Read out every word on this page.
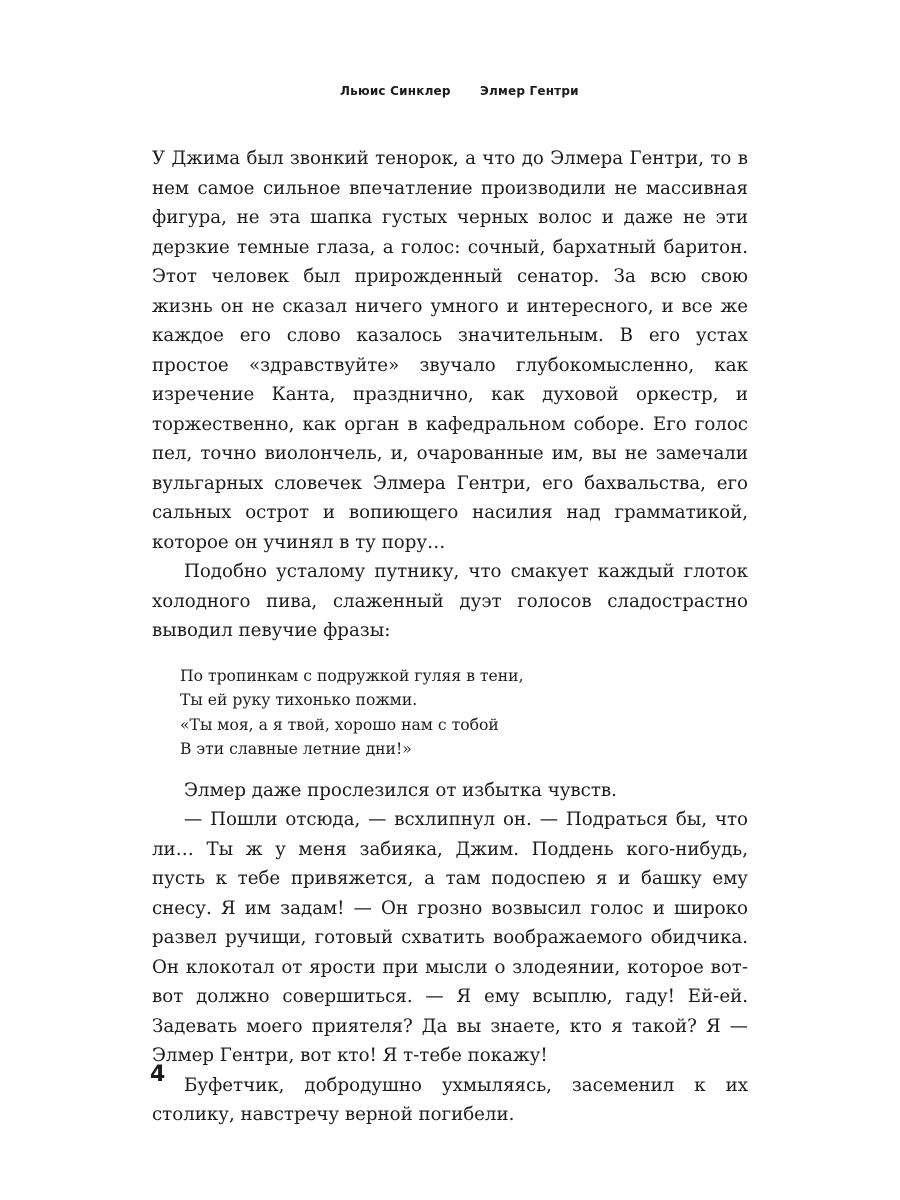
Льюис Синклер Элмер Гентри

У Джима был звонкий тенорок, а что до Элмера Гентри, то в нем самое сильное впечатление производили не массивная фигура, не эта шапка густых черных волос и даже не эти дерзкие темные глаза, а голос: сочный, бархатный баритон. Этот человек был прирожденный сенатор. За всю свою жизнь он не сказал ничего умного и интересного, и все же каждое его слово казалось значительным. В его устах простое «здравствуйте» звучало глубокомысленно, как изречение Канта, празднично, как духовой оркестр, и торжественно, как орган в кафедральном соборе. Его голос пел, точно виолончель, и, очарованные им, вы не замечали вульгарных словечек Элмера Гентри, его бахвальства, его сальных острот и вопиющего насилия над грамматикой, которое он учинял в ту пору…

Подобно усталому путнику, что смакует каждый глоток холодного пива, слаженный дуэт голосов сладострастно выводил певучие фразы:

По тропинкам с подружкой гуляя в тени,
Ты ей руку тихонько пожми.
«Ты моя, а я твой, хорошо нам с тобой
В эти славные летние дни!»

Элмер даже прослезился от избытка чувств.

— Пошли отсюда, — всхлипнул он. — Подраться бы, что ли… Ты ж у меня забияка, Джим. Поддень кого-нибудь, пусть к тебе привяжется, а там подоспею я и башку ему снесу. Я им задам! — Он грозно возвысил голос и широко развел ручищи, готовый схватить воображаемого обидчика. Он клокотал от ярости при мысли о злодеянии, которое вот-вот должно совершиться. — Я ему всыплю, гаду! Ей-ей. Задевать моего приятеля? Да вы знаете, кто я такой? Я — Элмер Гентри, вот кто! Я т-тебе покажу!

Буфетчик, добродушно ухмыляясь, засеменил к их столику, навстречу верной погибели.

4
